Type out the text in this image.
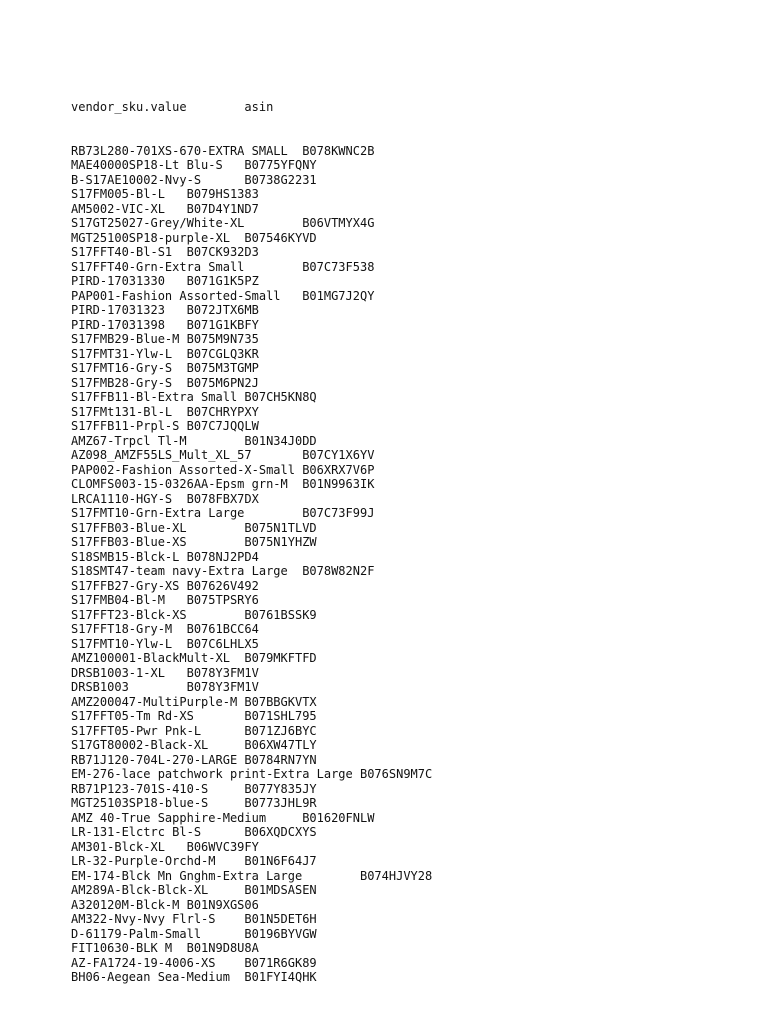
vendor_sku.value		asin

RB73L280-701XS-670-EXTRA SMALL	B078KWNC2B
MAE40000SP18-Lt Blu-S	B0775YFQNY
B-S17AE10002-Nvy-S		B0738G2231
S17FM005-Bl-L	B079HS1383
AM5002-VIC-XL	B07D4Y1ND7
S17GT25027-Grey/White-XL		B06VTMYX4G
MGT25100SP18-purple-XL	B07546KYVD
S17FFT40-Bl-S1	B07CK932D3
S17FFT40-Grn-Extra Small		B07C73F538
PIRD-17031330	B071G1K5PZ
PAP001-Fashion Assorted-Small	B01MG7J2QY
PIRD-17031323	B072JTX6MB
PIRD-17031398	B071G1KBFY
S17FMB29-Blue-M	B075M9N735
S17FMT31-Ylw-L	B07CGLQ3KR
S17FMT16-Gry-S	B075M3TGMP
S17FMB28-Gry-S	B075M6PN2J
S17FFB11-Bl-Extra Small	B07CH5KN8Q
S17FMt131-Bl-L	B07CHRYPXY
S17FFB11-Prpl-S	B07C7JQQLW
AMZ67-Trpcl Tl-M		B01N34J0DD
AZ098_AMZF55LS_Mult_XL_57		B07CY1X6YV
PAP002-Fashion Assorted-X-Small	B06XRX7V6P
CLOMFS003-15-0326AA-Epsm grn-M	B01N9963IK
LRCA1110-HGY-S	B078FBX7DX
S17FMT10-Grn-Extra Large		B07C73F99J
S17FFB03-Blue-XL		B075N1TLVD
S17FFB03-Blue-XS		B075N1YHZW
S18SMB15-Blck-L	B078NJ2PD4
S18SMT47-team navy-Extra Large	B078W82N2F
S17FFB27-Gry-XS	B07626V492
S17FMB04-Bl-M	B075TPSRY6
S17FFT23-Blck-XS		B0761BSSK9
S17FFT18-Gry-M	B0761BCC64
S17FMT10-Ylw-L	B07C6LHLX5
AMZ100001-BlackMult-XL	B079MKFTFD
DRSB1003-1-XL	B078Y3FM1V
DRSB1003		B078Y3FM1V
AMZ200047-MultiPurple-M	B07BBGKVTX
S17FFT05-Tm Rd-XS		B071SHL795
S17FFT05-Pwr Pnk-L		B071ZJ6BYC
S17GT80002-Black-XL		B06XW47TLY
RB71J120-704L-270-LARGE	B0784RN7YN
EM-276-lace patchwork print-Extra Large	B076SN9M7C
RB71P123-701S-410-S		B077Y835JY
MGT25103SP18-blue-S		B0773JHL9R
AMZ 40-True Sapphire-Medium		B01620FNLW
LR-131-Elctrc Bl-S		B06XQDCXYS
AM301-Blck-XL	B06WVC39FY
LR-32-Purple-Orchd-M	B01N6F64J7
EM-174-Blck Mn Gnghm-Extra Large		B074HJVY28
AM289A-Blck-Blck-XL		B01MDSASEN
A320120M-Blck-M	B01N9XGS06
AM322-Nvy-Nvy Flrl-S	B01N5DET6H
D-61179-Palm-Small		B0196BYVGW
FIT10630-BLK M	B01N9D8U8A
AZ-FA1724-19-4006-XS	B071R6GK89
BH06-Aegean Sea-Medium	B01FYI4QHK
